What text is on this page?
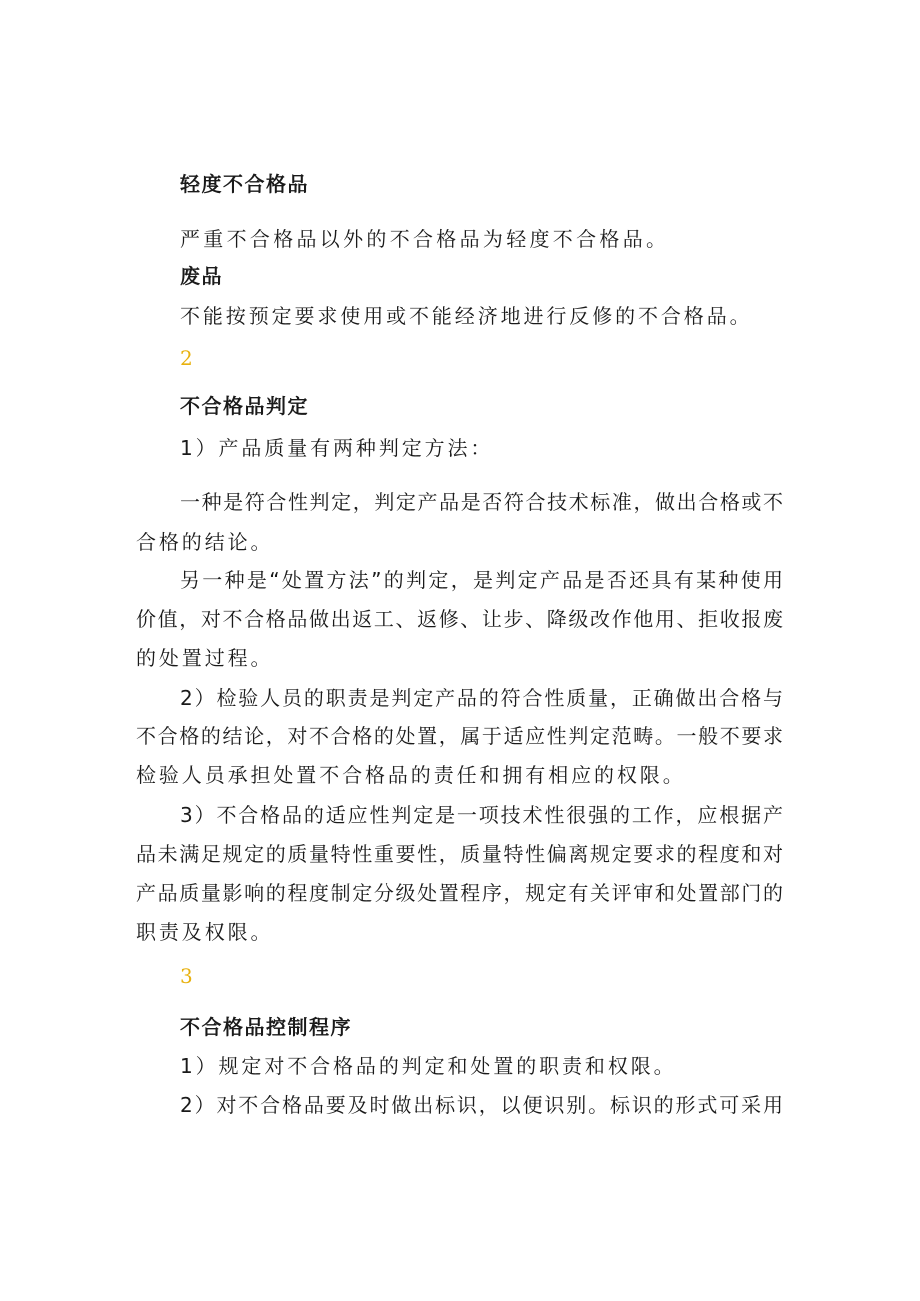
轻度不合格品
严重不合格品以外的不合格品为轻度不合格品。
废品
不能按预定要求使用或不能经济地进行反修的不合格品。
2
不合格品判定
1）产品质量有两种判定方法：
一种是符合性判定，判定产品是否符合技术标准，做出合格或不
合格的结论。
另一种是“处置方法”的判定，是判定产品是否还具有某种使用
价值，对不合格品做出返工、返修、让步、降级改作他用、拒收报废
的处置过程。
2）检验人员的职责是判定产品的符合性质量，正确做出合格与
不合格的结论，对不合格的处置，属于适应性判定范畴。一般不要求
检验人员承担处置不合格品的责任和拥有相应的权限。
3）不合格品的适应性判定是一项技术性很强的工作，应根据产
品未满足规定的质量特性重要性，质量特性偏离规定要求的程度和对
产品质量影响的程度制定分级处置程序，规定有关评审和处置部门的
职责及权限。
3
不合格品控制程序
1）规定对不合格品的判定和处置的职责和权限。
2）对不合格品要及时做出标识，以便识别。标识的形式可采用
